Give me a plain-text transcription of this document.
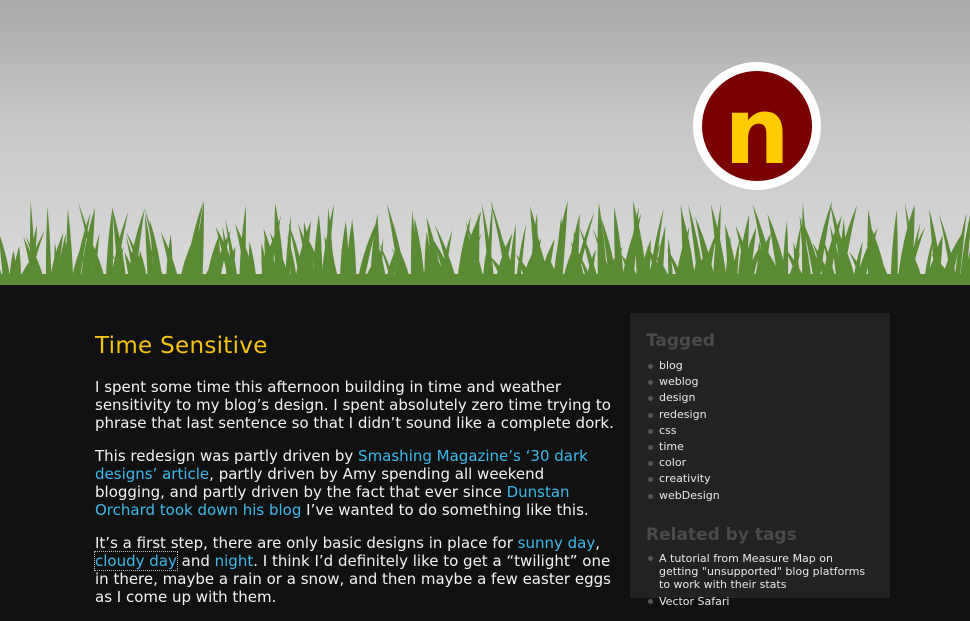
n
Time Sensitive

I spent some time this afternoon building in time and weather sensitivity to my blog’s design. I spent absolutely zero time trying to phrase that last sentence so that I didn’t sound like a complete dork.

This redesign was partly driven by Smashing Magazine’s ‘30 dark designs’ article, partly driven by Amy spending all weekend blogging, and partly driven by the fact that ever since Dunstan Orchard took down his blog I’ve wanted to do something like this.

It’s a first step, there are only basic designs in place for sunny day, cloudy day and night. I think I’d definitely like to get a “twilight” one in there, maybe a rain or a snow, and then maybe a few easter eggs as I come up with them.

Tagged
blog
weblog
design
redesign
css
time
color
creativity
webDesign
Related by tags
A tutorial from Measure Map on getting "unsupported" blog platforms to work with their stats
Vector Safari
